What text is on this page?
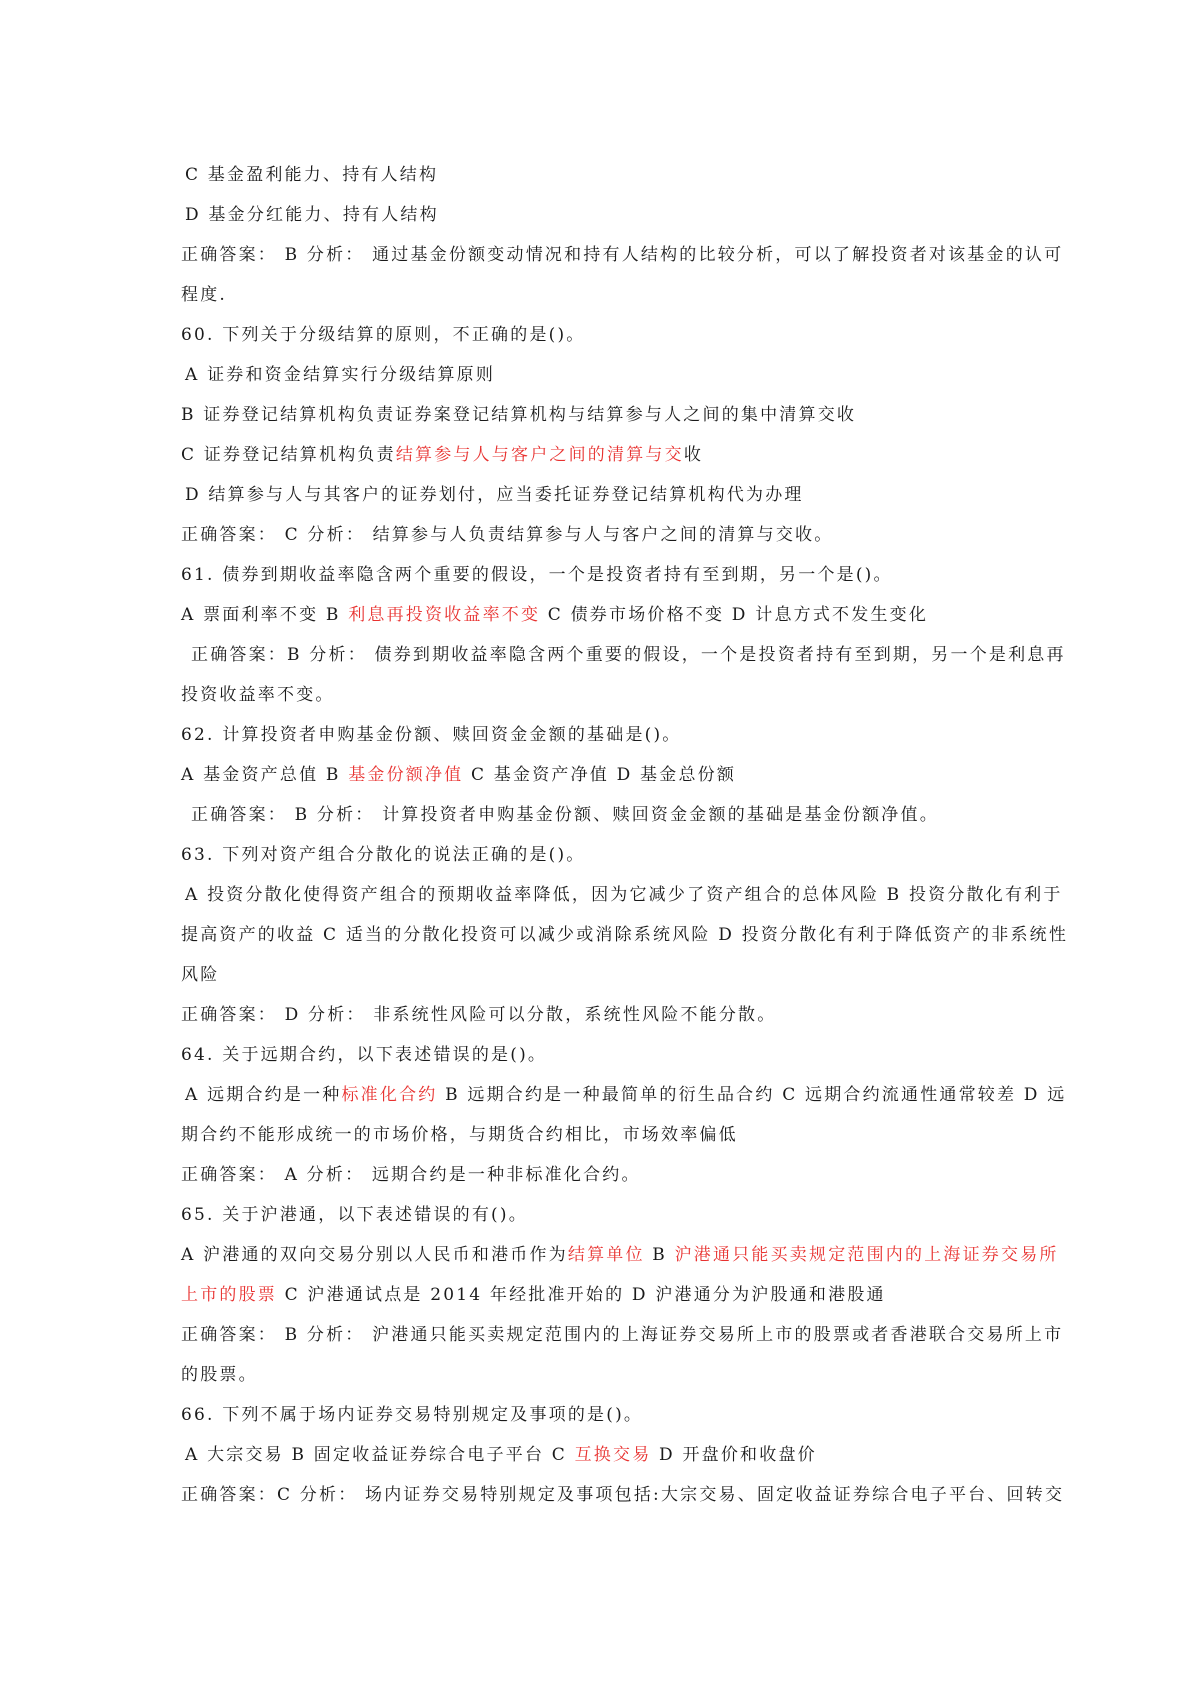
C 基金盈利能力、持有人结构
D 基金分红能力、持有人结构
正确答案： B 分析： 通过基金份额变动情况和持有人结构的比较分析，可以了解投资者对该基金的认可
程度.
60. 下列关于分级结算的原则，不正确的是()。
A 证券和资金结算实行分级结算原则
B 证券登记结算机构负责证券案登记结算机构与结算参与人之间的集中清算交收
C 证券登记结算机构负责结算参与人与客户之间的清算与交收
D 结算参与人与其客户的证券划付，应当委托证券登记结算机构代为办理
正确答案： C 分析： 结算参与人负责结算参与人与客户之间的清算与交收。
61. 债券到期收益率隐含两个重要的假设，一个是投资者持有至到期，另一个是()。
A 票面利率不变 B 利息再投资收益率不变 C 债券市场价格不变 D 计息方式不发生变化
正确答案：B 分析： 债券到期收益率隐含两个重要的假设，一个是投资者持有至到期，另一个是利息再
投资收益率不变。
62. 计算投资者申购基金份额、赎回资金金额的基础是()。
A 基金资产总值 B 基金份额净值 C 基金资产净值 D 基金总份额
正确答案： B 分析： 计算投资者申购基金份额、赎回资金金额的基础是基金份额净值。
63. 下列对资产组合分散化的说法正确的是()。
A 投资分散化使得资产组合的预期收益率降低，因为它减少了资产组合的总体风险 B 投资分散化有利于
提高资产的收益 C 适当的分散化投资可以减少或消除系统风险 D 投资分散化有利于降低资产的非系统性
风险
正确答案： D 分析： 非系统性风险可以分散，系统性风险不能分散。
64. 关于远期合约，以下表述错误的是()。
A 远期合约是一种标准化合约 B 远期合约是一种最简单的衍生品合约 C 远期合约流通性通常较差 D 远
期合约不能形成统一的市场价格，与期货合约相比，市场效率偏低
正确答案： A 分析： 远期合约是一种非标准化合约。
65. 关于沪港通，以下表述错误的有()。
A 沪港通的双向交易分别以人民币和港币作为结算单位 B 沪港通只能买卖规定范围内的上海证券交易所
上市的股票 C 沪港通试点是 2014 年经批准开始的 D 沪港通分为沪股通和港股通
正确答案： B 分析： 沪港通只能买卖规定范围内的上海证券交易所上市的股票或者香港联合交易所上市
的股票。
66. 下列不属于场内证券交易特别规定及事项的是()。
A 大宗交易 B 固定收益证券综合电子平台 C 互换交易 D 开盘价和收盘价
正确答案：C 分析： 场内证券交易特别规定及事项包括:大宗交易、固定收益证券综合电子平台、回转交
